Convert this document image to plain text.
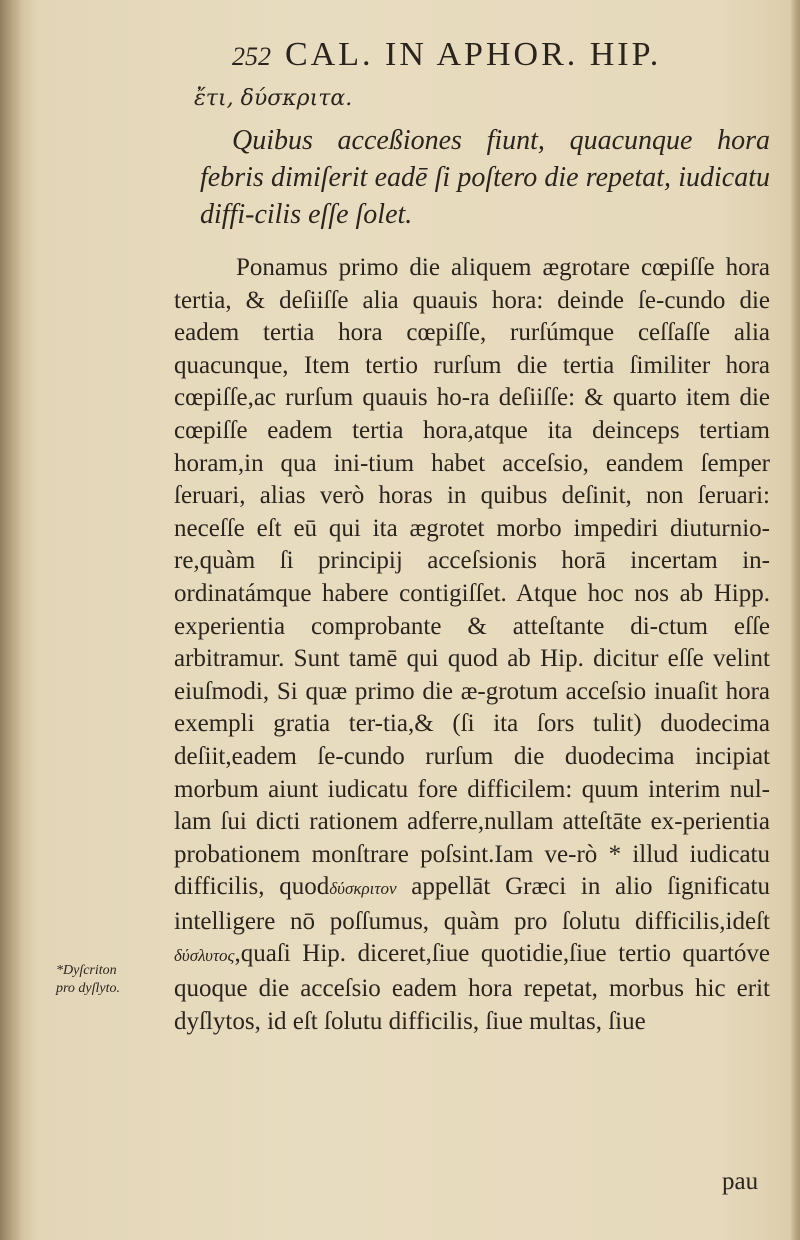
252 CAL. IN APHOR. HIP.
ἔτι, δύσκριτα.

Quibus acceßiones fiunt, quacunque hora febris dimiſerit eadē ſi poſtero die repetat, iudicatu diffi-cilis eſſe ſolet.

Ponamus primo die aliquem ægrotare cœpiſſe hora tertia, & deſiiſſe alia quauis hora: deinde ſe-cundo die eadem tertia hora cœpiſſe, rurſúmque ceſſaſſe alia quacunque, Item tertio rurſum die tertia ſimiliter hora cœpiſſe,ac rurſum quauis ho-ra deſiiſſe: & quarto item die cœpiſſe eadem tertia hora,atque ita deinceps tertiam horam,in qua ini-tium habet acceſsio, eandem ſemper ſeruari, alias verò horas in quibus deſinit, non ſeruari: neceſſe eſt eū qui ita ægrotet morbo impediri diuturnio-re,quàm ſi principij acceſsionis horā incertam in-ordinatámque habere contigiſſet. Atque hoc nos ab Hipp. experientia comprobante & atteſtante di-ctum eſſe arbitramur. Sunt tamē qui quod ab Hip. dicitur eſſe velint eiuſmodi, Si quæ primo die æ-grotum acceſsio inuaſit hora exempli gratia ter-tia,& (ſi ita ſors tulit) duodecima deſiit,eadem ſe-cundo rurſum die duodecima incipiat morbum aiunt iudicatu fore difficilem: quum interim nul-lam ſui dicti rationem adferre,nullam atteſtāte ex-perientia probationem monſtrare poſsint.Iam ve-rò * illud iudicatu difficilis, quodδύσκριτον appellāt Græci in alio ſignificatu intelligere nō poſſumus, quàm pro ſolutu difficilis,ideſt δύσλυτος,quaſi Hip. diceret,ſiue quotidie,ſiue tertio quartóve quoque die acceſsio eadem hora repetat, morbus hic erit dyſlytos, id eſt ſolutu difficilis, ſiue multas, ſiue

*Dyſcriton
pro dyſlyto.
pau
